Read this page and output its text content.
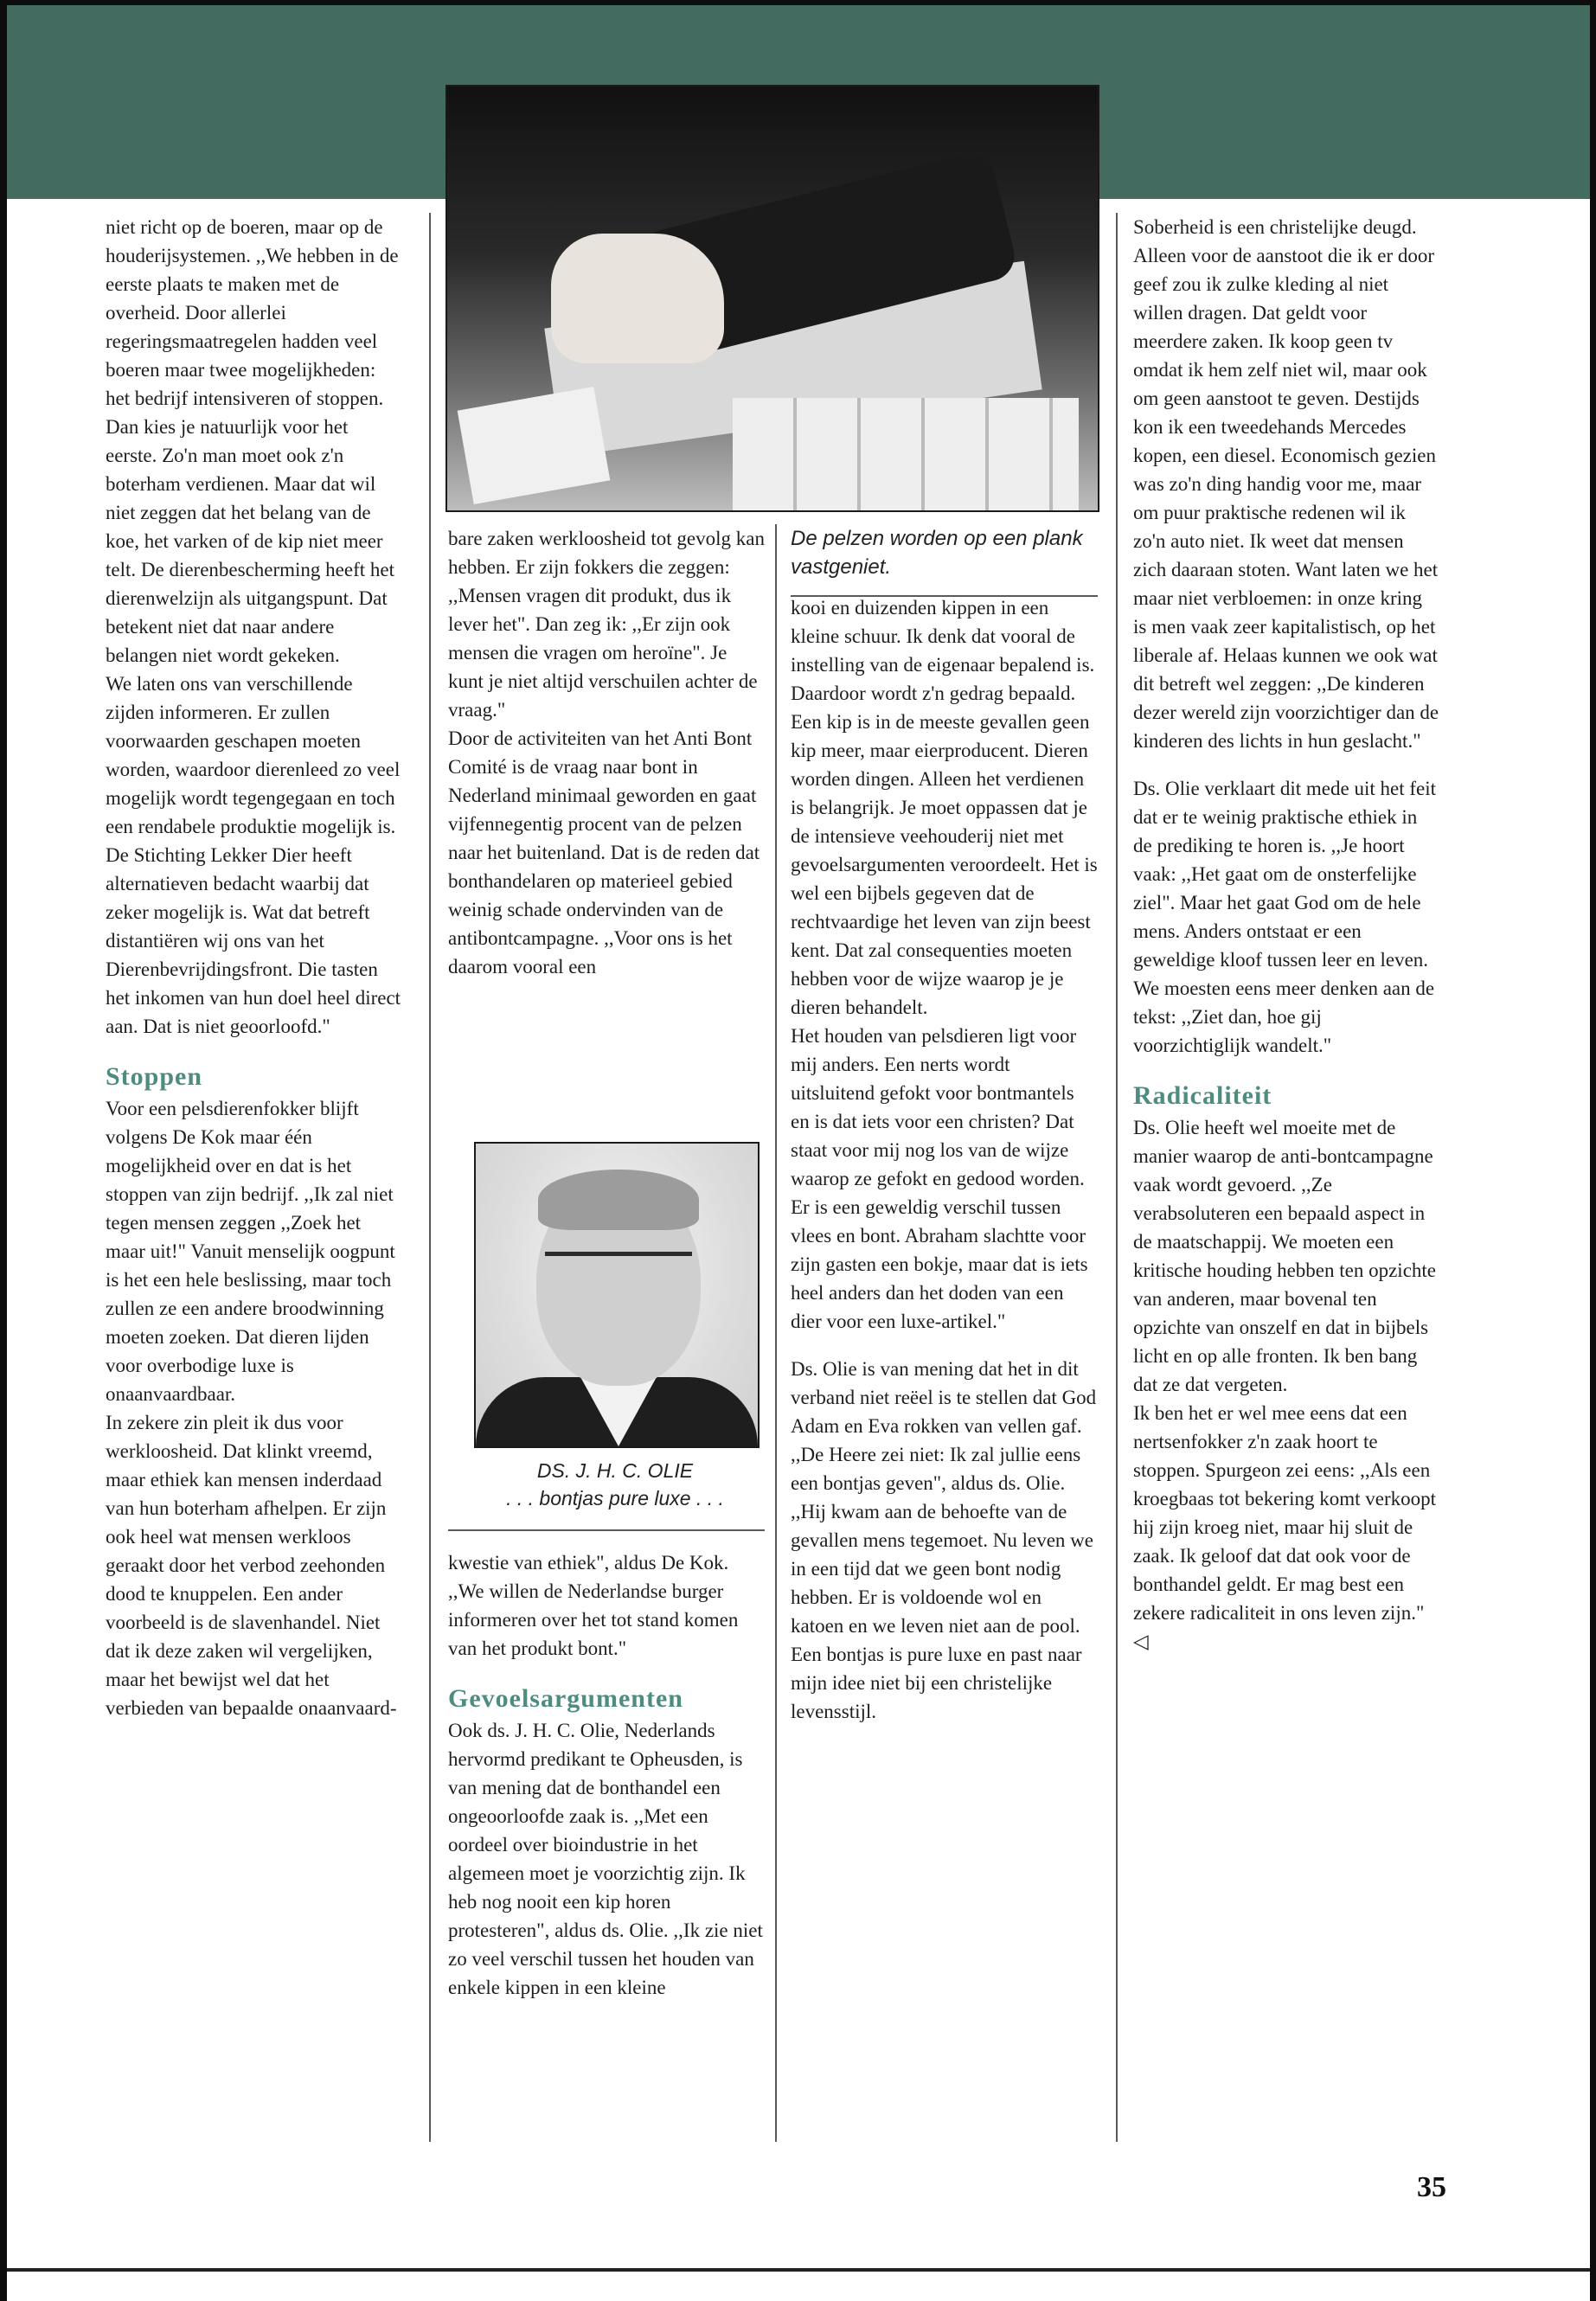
niet richt op de boeren, maar op de houderijsystemen. ,,We hebben in de eerste plaats te maken met de overheid. Door allerlei regeringsmaatregelen hadden veel boeren maar twee mogelijkheden: het bedrijf intensiveren of stoppen. Dan kies je natuurlijk voor het eerste. Zo'n man moet ook z'n boterham verdienen. Maar dat wil niet zeggen dat het belang van de koe, het varken of de kip niet meer telt. De dierenbescherming heeft het dierenwelzijn als uitgangspunt. Dat betekent niet dat naar andere belangen niet wordt gekeken.

We laten ons van verschillende zijden informeren. Er zullen voorwaarden geschapen moeten worden, waardoor dierenleed zo veel mogelijk wordt tegengegaan en toch een rendabele produktie mogelijk is. De Stichting Lekker Dier heeft alternatieven bedacht waarbij dat zeker mogelijk is. Wat dat betreft distantiëren wij ons van het Dierenbevrijdingsfront. Die tasten het inkomen van hun doel heel direct aan. Dat is niet geoorloofd."

Stoppen

Voor een pelsdierenfokker blijft volgens De Kok maar één mogelijkheid over en dat is het stoppen van zijn bedrijf. ,,Ik zal niet tegen mensen zeggen ,,Zoek het maar uit!" Vanuit menselijk oogpunt is het een hele beslissing, maar toch zullen ze een andere broodwinning moeten zoeken. Dat dieren lijden voor overbodige luxe is onaanvaardbaar.

In zekere zin pleit ik dus voor werkloosheid. Dat klinkt vreemd, maar ethiek kan mensen inderdaad van hun boterham afhelpen. Er zijn ook heel wat mensen werkloos geraakt door het verbod zeehonden dood te knuppelen. Een ander voorbeeld is de slavenhandel. Niet dat ik deze zaken wil vergelijken, maar het bewijst wel dat het verbieden van bepaalde onaanvaard-

bare zaken werkloosheid tot gevolg kan hebben. Er zijn fokkers die zeggen: ,,Mensen vragen dit produkt, dus ik lever het". Dan zeg ik: ,,Er zijn ook mensen die vragen om heroïne". Je kunt je niet altijd verschuilen achter de vraag."

Door de activiteiten van het Anti Bont Comité is de vraag naar bont in Nederland minimaal geworden en gaat vijfennegentig procent van de pelzen naar het buitenland. Dat is de reden dat bonthandelaren op materieel gebied weinig schade ondervinden van de antibontcampagne. ,,Voor ons is het daarom vooral een

DS. J. H. C. OLIE
. . . bontjas pure luxe . . .

kwestie van ethiek", aldus De Kok. ,,We willen de Nederlandse burger informeren over het tot stand komen van het produkt bont."

Gevoelsargumenten

Ook ds. J. H. C. Olie, Nederlands hervormd predikant te Opheusden, is van mening dat de bonthandel een ongeoorloofde zaak is. ,,Met een oordeel over bioindustrie in het algemeen moet je voorzichtig zijn. Ik heb nog nooit een kip horen protesteren", aldus ds. Olie. ,,Ik zie niet zo veel verschil tussen het houden van enkele kippen in een kleine

De pelzen worden op een plank vastgeniet.

kooi en duizenden kippen in een kleine schuur. Ik denk dat vooral de instelling van de eigenaar bepalend is. Daardoor wordt z'n gedrag bepaald.

Een kip is in de meeste gevallen geen kip meer, maar eierproducent. Dieren worden dingen. Alleen het verdienen is belangrijk. Je moet oppassen dat je de intensieve veehouderij niet met gevoelsargumenten veroordeelt. Het is wel een bijbels gegeven dat de rechtvaardige het leven van zijn beest kent. Dat zal consequenties moeten hebben voor de wijze waarop je je dieren behandelt.

Het houden van pelsdieren ligt voor mij anders. Een nerts wordt uitsluitend gefokt voor bontmantels en is dat iets voor een christen? Dat staat voor mij nog los van de wijze waarop ze gefokt en gedood worden. Er is een geweldig verschil tussen vlees en bont. Abraham slachtte voor zijn gasten een bokje, maar dat is iets heel anders dan het doden van een dier voor een luxe-artikel."

Ds. Olie is van mening dat het in dit verband niet reëel is te stellen dat God Adam en Eva rokken van vellen gaf. ,,De Heere zei niet: Ik zal jullie eens een bontjas geven", aldus ds. Olie. ,,Hij kwam aan de behoefte van de gevallen mens tegemoet. Nu leven we in een tijd dat we geen bont nodig hebben. Er is voldoende wol en katoen en we leven niet aan de pool. Een bontjas is pure luxe en past naar mijn idee niet bij een christelijke levensstijl.

Soberheid is een christelijke deugd. Alleen voor de aanstoot die ik er door geef zou ik zulke kleding al niet willen dragen. Dat geldt voor meerdere zaken. Ik koop geen tv omdat ik hem zelf niet wil, maar ook om geen aanstoot te geven. Destijds kon ik een tweedehands Mercedes kopen, een diesel. Economisch gezien was zo'n ding handig voor me, maar om puur praktische redenen wil ik zo'n auto niet. Ik weet dat mensen zich daaraan stoten. Want laten we het maar niet verbloemen: in onze kring is men vaak zeer kapitalistisch, op het liberale af. Helaas kunnen we ook wat dit betreft wel zeggen: ,,De kinderen dezer wereld zijn voorzichtiger dan de kinderen des lichts in hun geslacht."

Ds. Olie verklaart dit mede uit het feit dat er te weinig praktische ethiek in de prediking te horen is. ,,Je hoort vaak: ,,Het gaat om de onsterfelijke ziel". Maar het gaat God om de hele mens. Anders ontstaat er een geweldige kloof tussen leer en leven. We moesten eens meer denken aan de tekst: ,,Ziet dan, hoe gij voorzichtiglijk wandelt."

Radicaliteit

Ds. Olie heeft wel moeite met de manier waarop de anti-bontcampagne vaak wordt gevoerd. ,,Ze verabsoluteren een bepaald aspect in de maatschappij. We moeten een kritische houding hebben ten opzichte van anderen, maar bovenal ten opzichte van onszelf en dat in bijbels licht en op alle fronten. Ik ben bang dat ze dat vergeten.

Ik ben het er wel mee eens dat een nertsenfokker z'n zaak hoort te stoppen. Spurgeon zei eens: ,,Als een kroegbaas tot bekering komt verkoopt hij zijn kroeg niet, maar hij sluit de zaak. Ik geloof dat dat ook voor de bonthandel geldt. Er mag best een zekere radicaliteit in ons leven zijn." ◁

35
